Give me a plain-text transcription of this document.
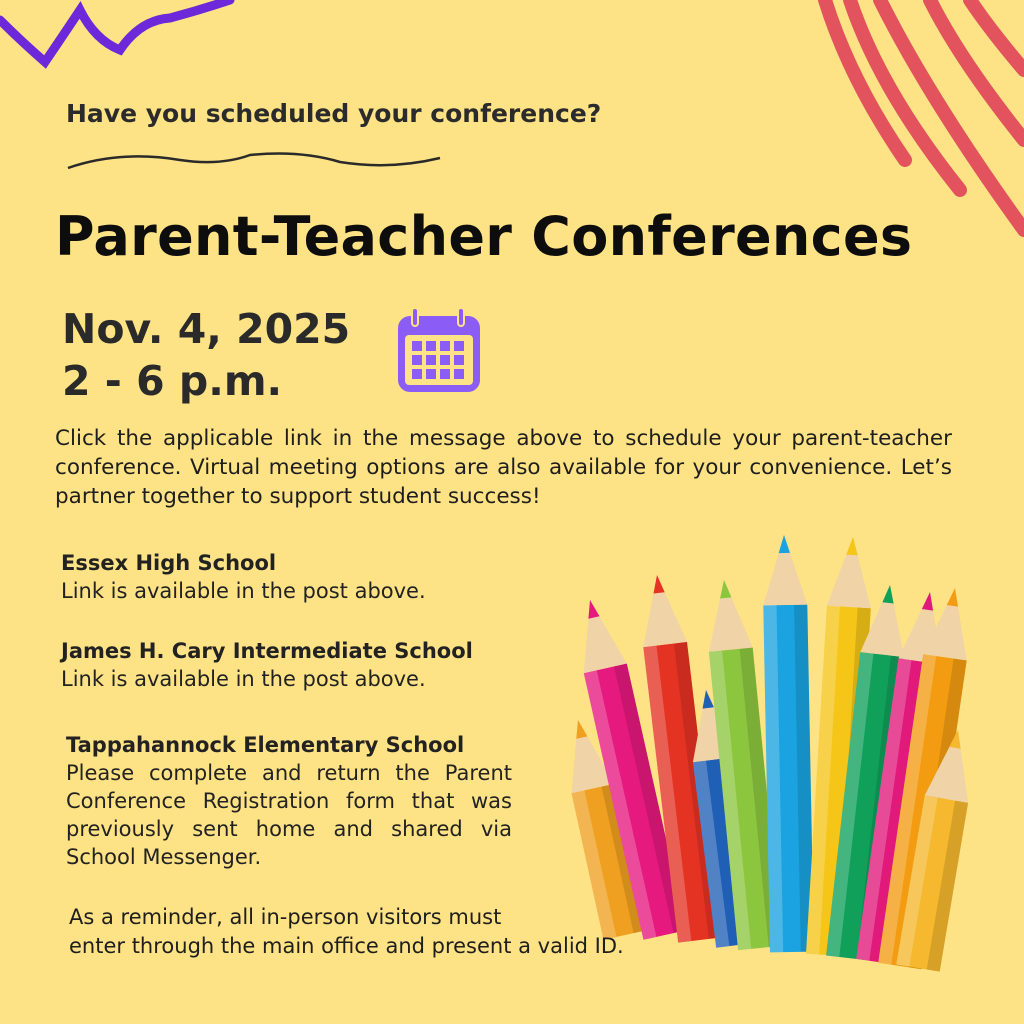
Have you scheduled your conference?
Parent-Teacher Conferences
Nov. 4, 2025
2 - 6 p.m.
Click the applicable link in the message above to schedule your parent-teacher conference. Virtual meeting options are also available for your convenience. Let’s partner together to support student success!
Essex High School
Link is available in the post above.
James H. Cary Intermediate School
Link is available in the post above.
Tappahannock Elementary School
Please complete and return the Parent Conference Registration form that was previously sent home and shared via School Messenger.
As a reminder, all in-person visitors must
enter through the main office and present a valid ID.
